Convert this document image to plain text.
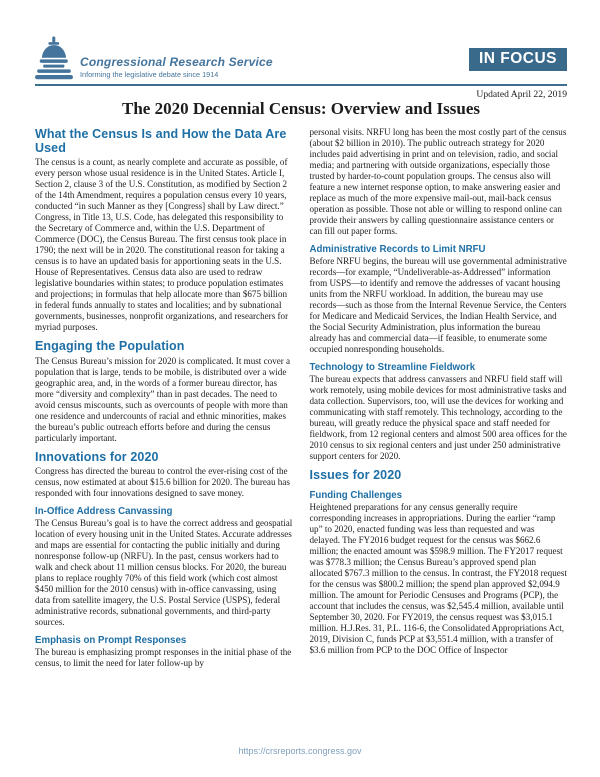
Congressional Research Service
Informing the legislative debate since 1914
IN FOCUS
Updated April 22, 2019
The 2020 Decennial Census: Overview and Issues
What the Census Is and How the Data Are Used

The census is a count, as nearly complete and accurate as possible, of every person whose usual residence is in the United States. Article I, Section 2, clause 3 of the U.S. Constitution, as modified by Section 2 of the 14th Amendment, requires a population census every 10 years, conducted “in such Manner as they [Congress] shall by Law direct.” Congress, in Title 13, U.S. Code, has delegated this responsibility to the Secretary of Commerce and, within the U.S. Department of Commerce (DOC), the Census Bureau. The first census took place in 1790; the next will be in 2020. The constitutional reason for taking a census is to have an updated basis for apportioning seats in the U.S. House of Representatives. Census data also are used to redraw legislative boundaries within states; to produce population estimates and projections; in formulas that help allocate more than $675 billion in federal funds annually to states and localities; and by subnational governments, businesses, nonprofit organizations, and researchers for myriad purposes.

Engaging the Population

The Census Bureau’s mission for 2020 is complicated. It must cover a population that is large, tends to be mobile, is distributed over a wide geographic area, and, in the words of a former bureau director, has more “diversity and complexity” than in past decades. The need to avoid census miscounts, such as overcounts of people with more than one residence and undercounts of racial and ethnic minorities, makes the bureau’s public outreach efforts before and during the census particularly important.

Innovations for 2020

Congress has directed the bureau to control the ever-rising cost of the census, now estimated at about $15.6 billion for 2020. The bureau has responded with four innovations designed to save money.

In-Office Address Canvassing

The Census Bureau’s goal is to have the correct address and geospatial location of every housing unit in the United States. Accurate addresses and maps are essential for contacting the public initially and during nonresponse follow-up (NRFU). In the past, census workers had to walk and check about 11 million census blocks. For 2020, the bureau plans to replace roughly 70% of this field work (which cost almost $450 million for the 2010 census) with in-office canvassing, using data from satellite imagery, the U.S. Postal Service (USPS), federal administrative records, subnational governments, and third-party sources.

Emphasis on Prompt Responses

The bureau is emphasizing prompt responses in the initial phase of the census, to limit the need for later follow-up by

personal visits. NRFU long has been the most costly part of the census (about $2 billion in 2010). The public outreach strategy for 2020 includes paid advertising in print and on television, radio, and social media; and partnering with outside organizations, especially those trusted by harder-to-count population groups. The census also will feature a new internet response option, to make answering easier and replace as much of the more expensive mail-out, mail-back census operation as possible. Those not able or willing to respond online can provide their answers by calling questionnaire assistance centers or can fill out paper forms.

Administrative Records to Limit NRFU

Before NRFU begins, the bureau will use governmental administrative records—for example, “Undeliverable-as-Addressed” information from USPS—to identify and remove the addresses of vacant housing units from the NRFU workload. In addition, the bureau may use records—such as those from the Internal Revenue Service, the Centers for Medicare and Medicaid Services, the Indian Health Service, and the Social Security Administration, plus information the bureau already has and commercial data—if feasible, to enumerate some occupied nonresponding households.

Technology to Streamline Fieldwork

The bureau expects that address canvassers and NRFU field staff will work remotely, using mobile devices for most administrative tasks and data collection. Supervisors, too, will use the devices for working and communicating with staff remotely. This technology, according to the bureau, will greatly reduce the physical space and staff needed for fieldwork, from 12 regional centers and almost 500 area offices for the 2010 census to six regional centers and just under 250 administrative support centers for 2020.

Issues for 2020
Funding Challenges

Heightened preparations for any census generally require corresponding increases in appropriations. During the earlier “ramp up” to 2020, enacted funding was less than requested and was delayed. The FY2016 budget request for the census was $662.6 million; the enacted amount was $598.9 million. The FY2017 request was $778.3 million; the Census Bureau’s approved spend plan allocated $767.3 million to the census. In contrast, the FY2018 request for the census was $800.2 million; the spend plan approved $2,094.9 million. The amount for Periodic Censuses and Programs (PCP), the account that includes the census, was $2,545.4 million, available until September 30, 2020. For FY2019, the census request was $3,015.1 million. H.J.Res. 31, P.L. 116-6, the Consolidated Appropriations Act, 2019, Division C, funds PCP at $3,551.4 million, with a transfer of $3.6 million from PCP to the DOC Office of Inspector

https://crsreports.congress.gov
